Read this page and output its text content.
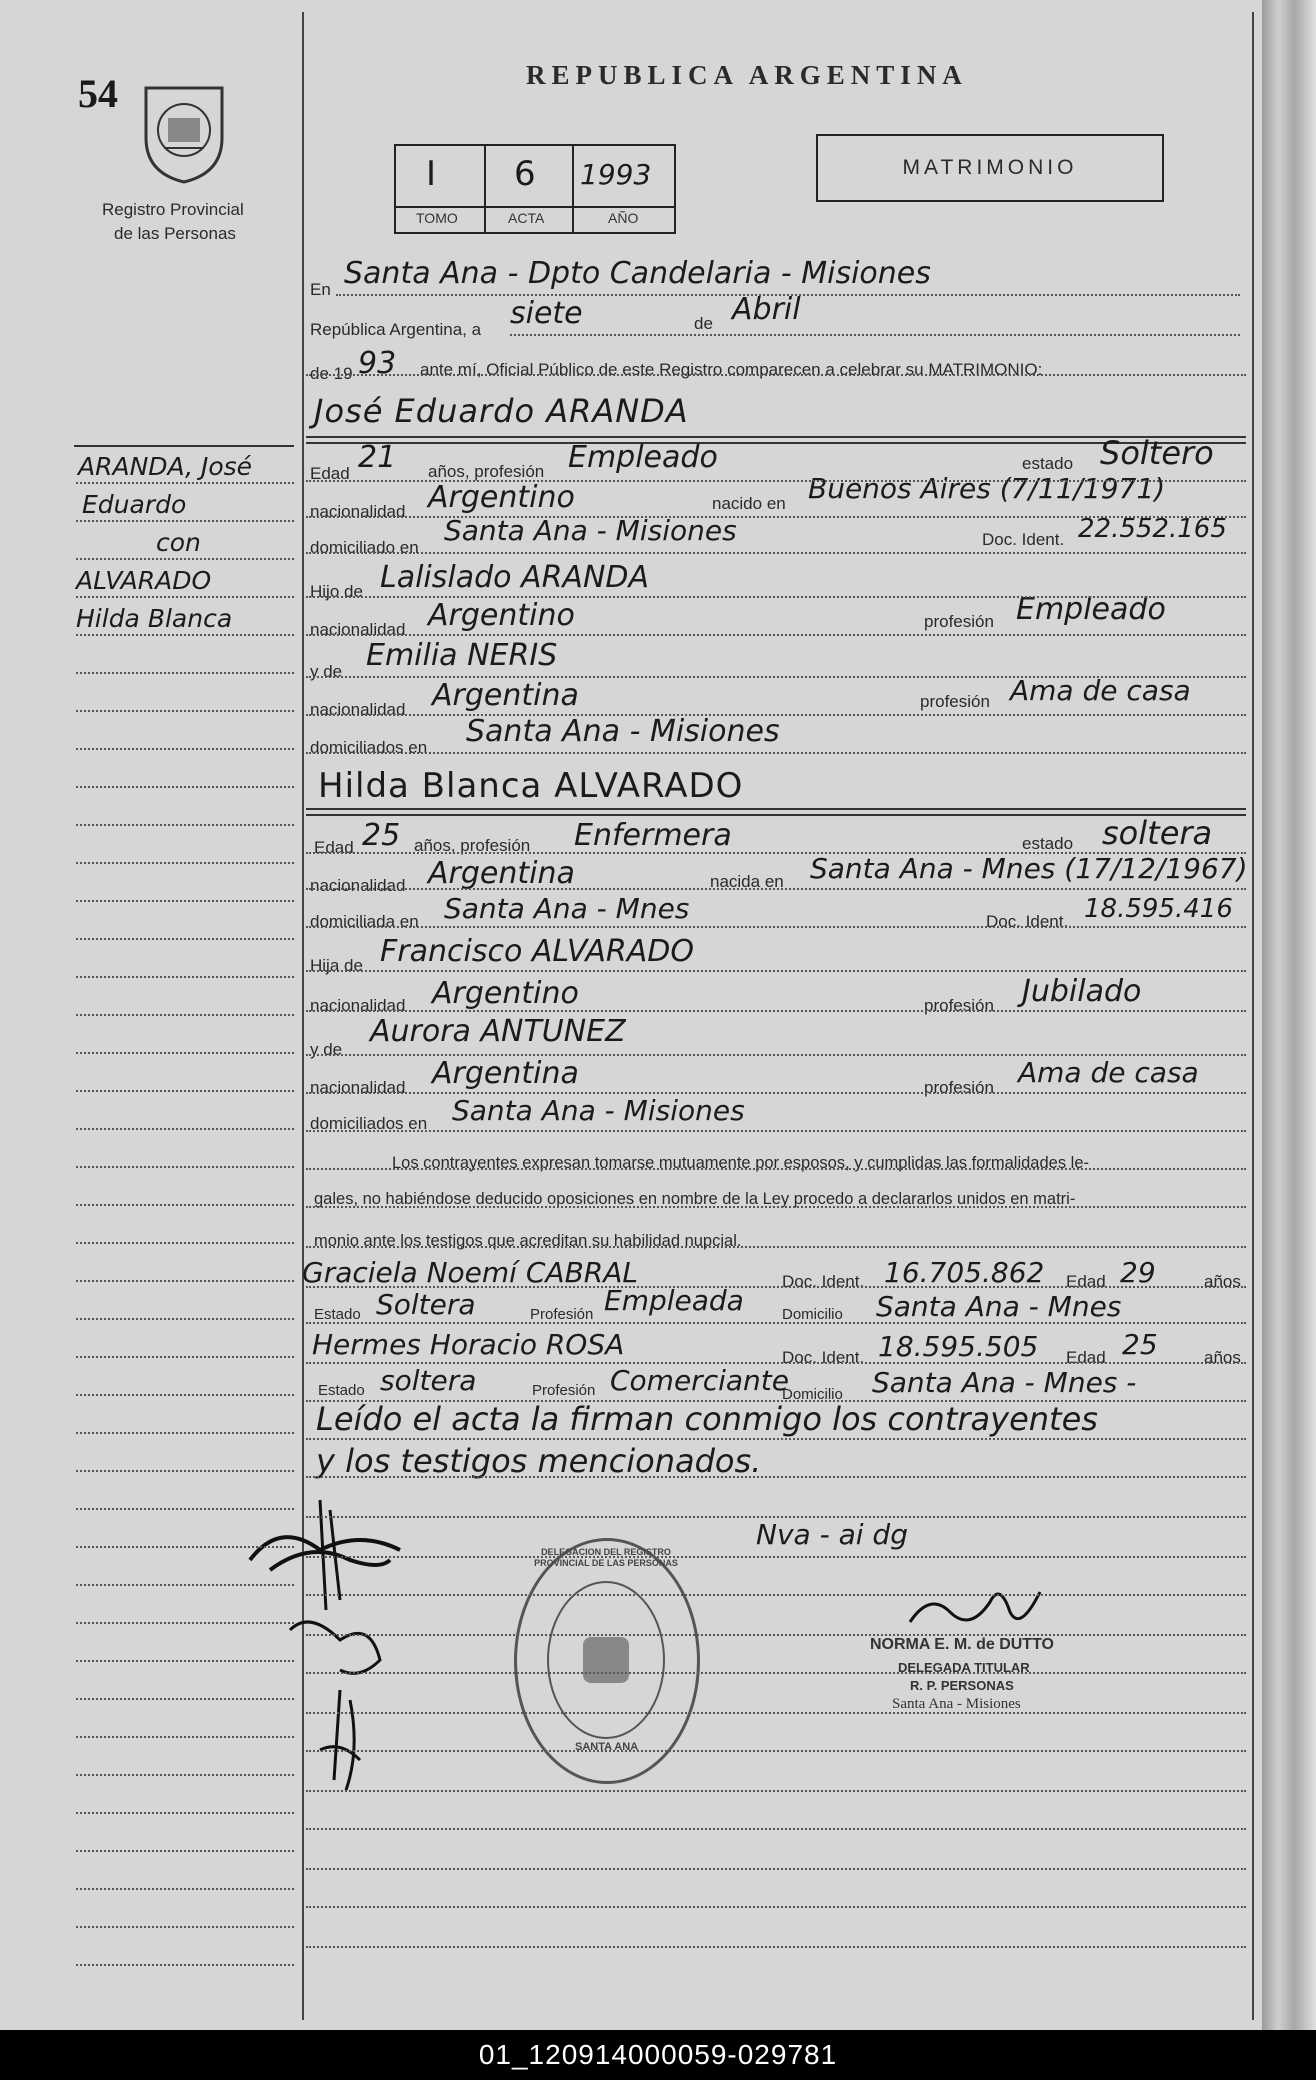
54
Registro Provincial
de las Personas
REPUBLICA ARGENTINA
I 6 1993
TOMO	ACTA	AÑO
MATRIMONIO
ARANDA, José
Eduardo
con
ALVARADO
Hilda Blanca
En Santa Ana - Dpto Candelaria - Misiones
República Argentina, a siete	de Abril
de 19 93 ante mí, Oficial Público de este Registro comparecen a celebrar su MATRIMONIO:
José Eduardo ARANDA
Edad 21 años, profesión Empleado	estado Soltero
nacionalidad Argentino	nacido en Buenos Aires (7/11/1971)
domiciliado en
Santa Ana - Misiones	Doc. Ident. 22.552.165
Hijo de Lalislado ARANDA
nacionalidad Argentino	profesión Empleado
y de Emilia NERIS
nacionalidad Argentina	profesión Ama de casa
domiciliados en Santa Ana - Misiones
Hilda Blanca ALVARADO
Edad 25 años, profesión Enfermera	estado soltera
nacionalidad Argentina	nacida en Santa Ana - Mnes (17/12/1967)
domiciliada en Santa Ana - Mnes	Doc. Ident. 18.595.416
Hija de Francisco ALVARADO
nacionalidad Argentino	profesión Jubilado
y de
Aurora ANTUNEZ
nacionalidad Argentina	profesión Ama de casa
domiciliados en Santa Ana - Misiones
Los contrayentes expresan tomarse mutuamente por esposos, y cumplidas las formalidades le-
gales, no habiéndose deducido oposiciones en nombre de la Ley procedo a declararlos unidos en matri-
monio ante los testigos que acreditan su habilidad nupcial.
Graciela Noemí CABRAL	Doc. Ident. 16.705.862 Edad 29	años
Estado Soltera	Profesión Empleada	Domicilio Santa Ana - Mnes
Hermes Horacio ROSA	Doc. Ident. 18.595.505 Edad 25	años
Estado soltera	Profesión Comerciante
Domicilio Santa Ana - Mnes -
Leído el acta la firman conmigo los contrayentes
y los testigos mencionados.
Nva - ai dg
DELEGACION DEL REGISTRO PROVINCIAL DE LAS PERSONAS
SANTA ANA
NORMA E. M. de DUTTO
DELEGADA TITULAR
R. P. PERSONAS
Santa Ana - Misiones
01_120914000059-029781
